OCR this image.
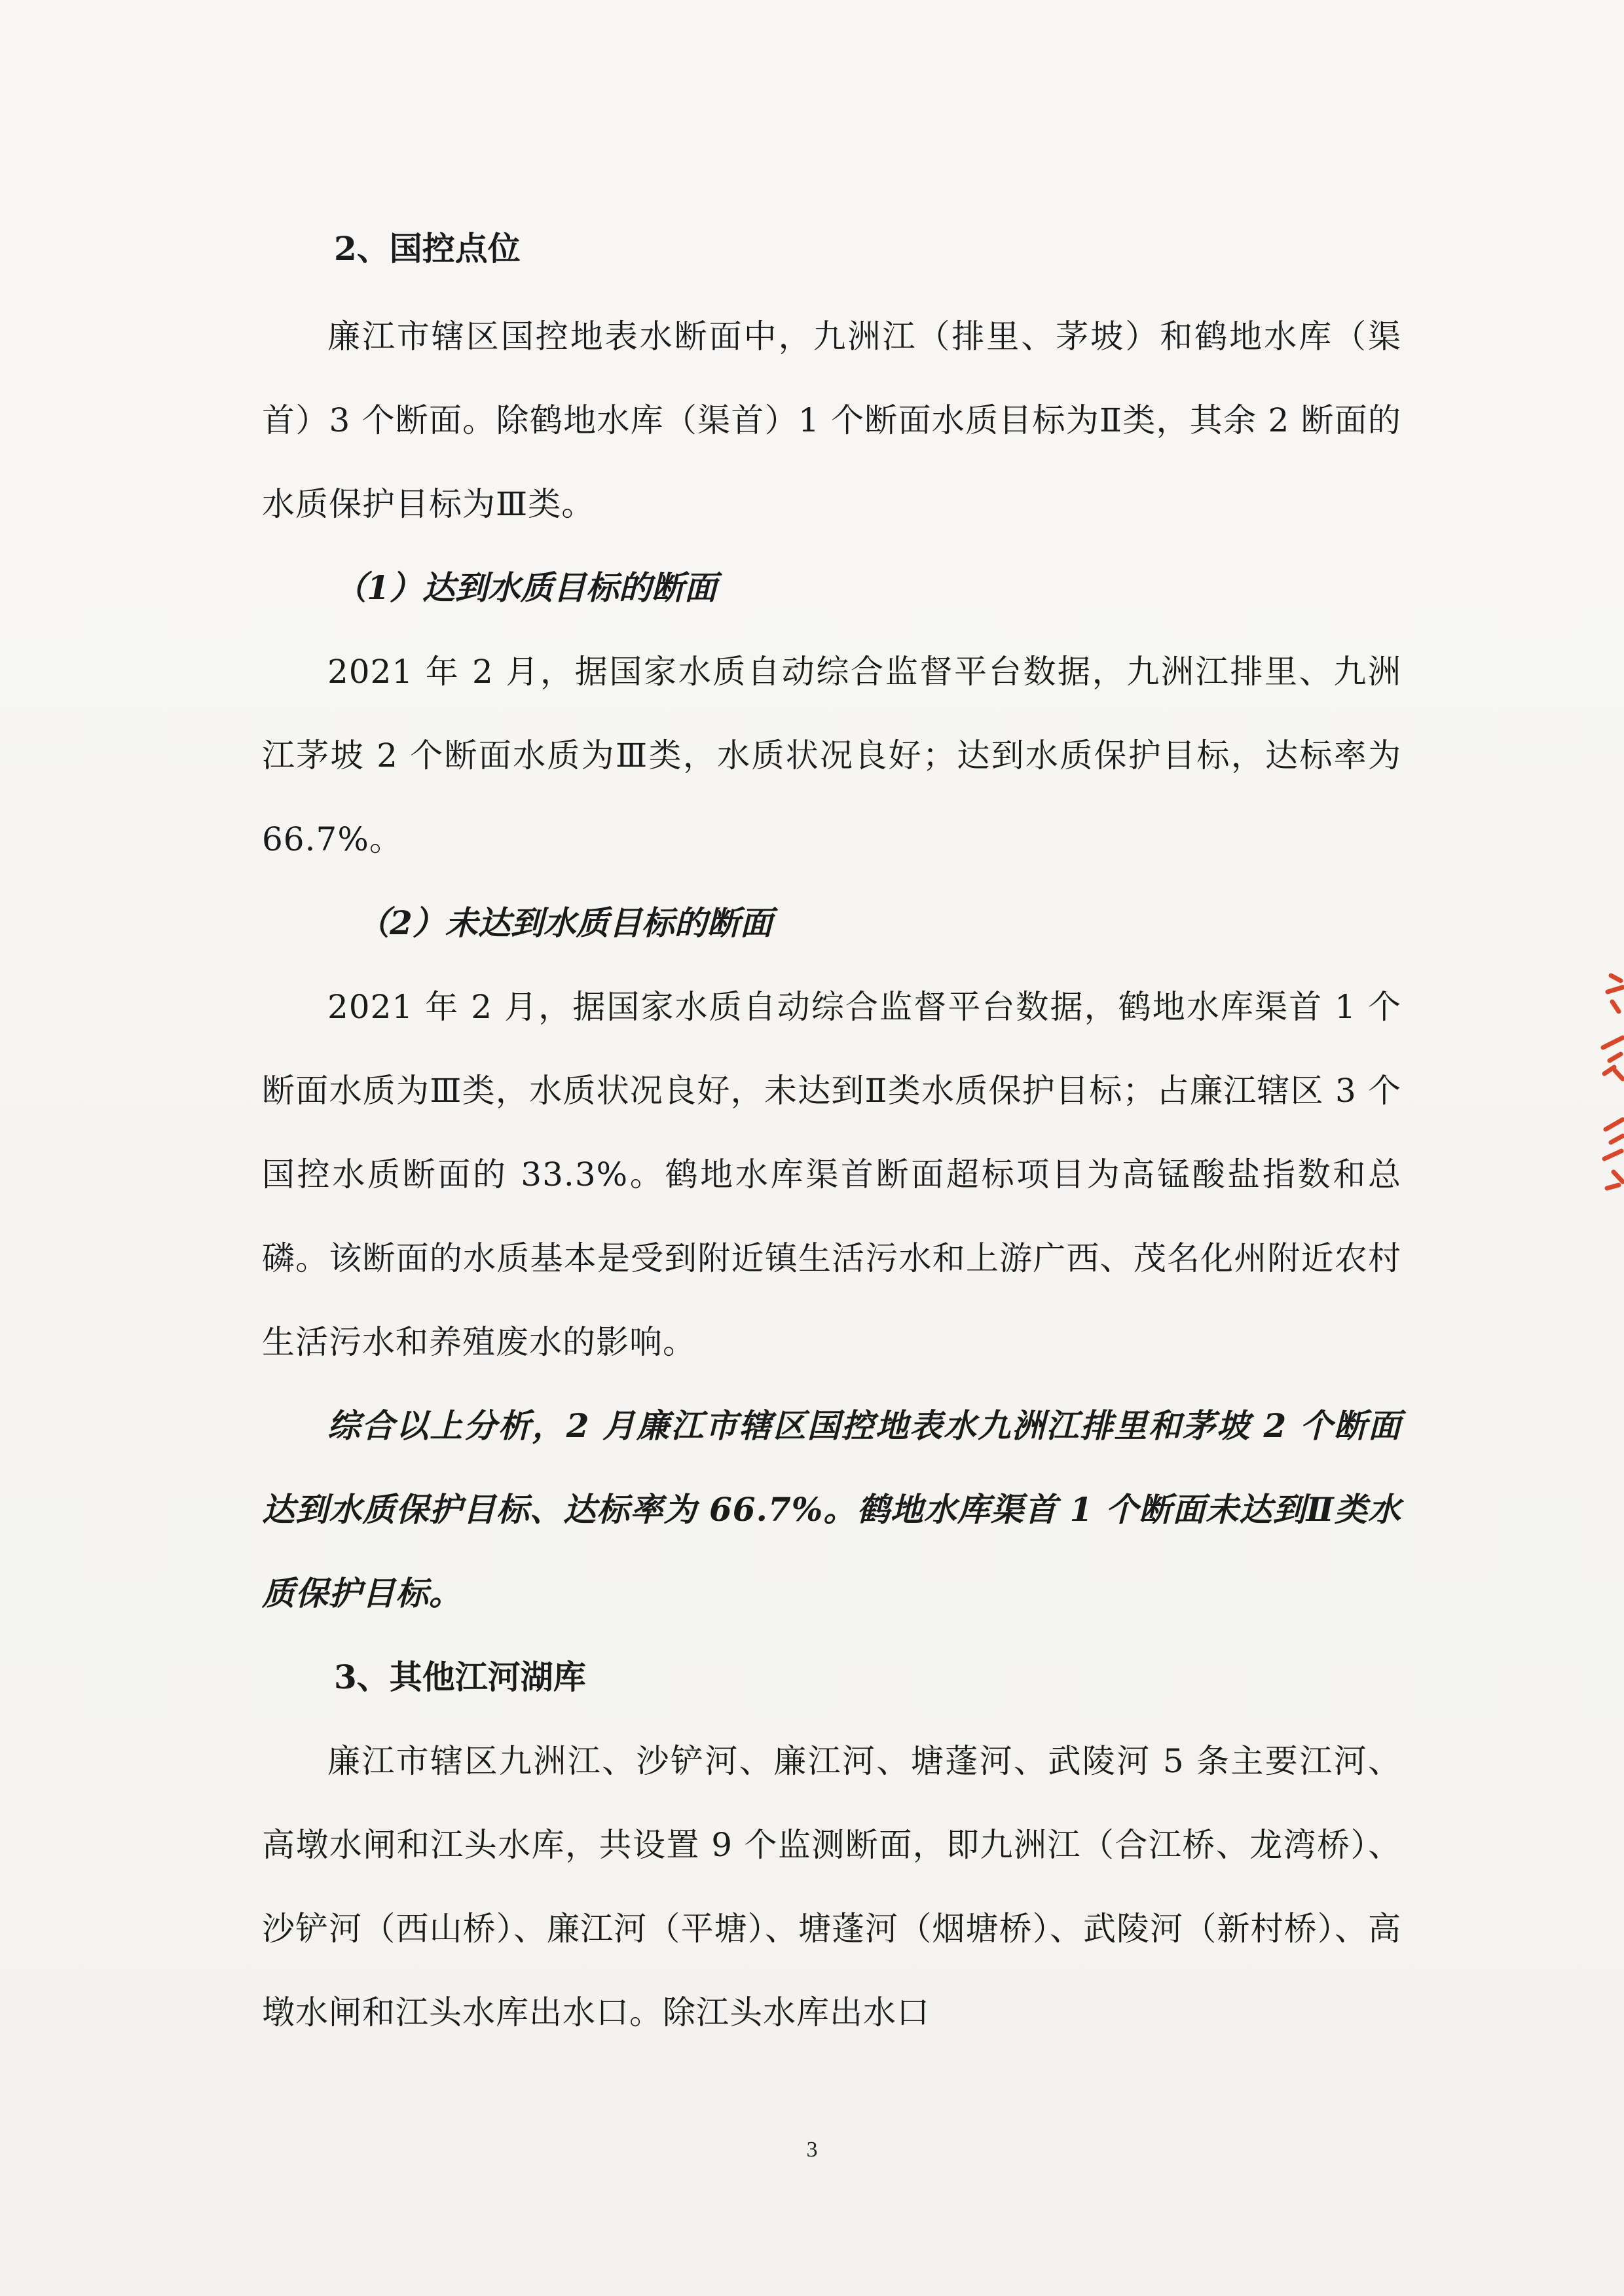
2、国控点位

廉江市辖区国控地表水断面中，九洲江（排里、茅坡）和鹤地水库（渠首）3 个断面。除鹤地水库（渠首）1 个断面水质目标为Ⅱ类，其余 2 断面的水质保护目标为Ⅲ类。

（1）达到水质目标的断面

2021 年 2 月，据国家水质自动综合监督平台数据，九洲江排里、九洲江茅坡 2 个断面水质为Ⅲ类，水质状况良好；达到水质保护目标，达标率为 66.7%。

（2）未达到水质目标的断面

2021 年 2 月，据国家水质自动综合监督平台数据，鹤地水库渠首 1 个断面水质为Ⅲ类，水质状况良好，未达到Ⅱ类水质保护目标；占廉江辖区 3 个国控水质断面的 33.3%。鹤地水库渠首断面超标项目为高锰酸盐指数和总磷。该断面的水质基本是受到附近镇生活污水和上游广西、茂名化州附近农村生活污水和养殖废水的影响。

综合以上分析，2 月廉江市辖区国控地表水九洲江排里和茅坡 2 个断面达到水质保护目标、达标率为 66.7%。鹤地水库渠首 1 个断面未达到Ⅱ类水质保护目标。

3、其他江河湖库

廉江市辖区九洲江、沙铲河、廉江河、塘蓬河、武陵河 5 条主要江河、高墩水闸和江头水库，共设置 9 个监测断面，即九洲江（合江桥、龙湾桥）、沙铲河（西山桥）、廉江河（平塘）、塘蓬河（烟塘桥）、武陵河（新村桥）、高墩水闸和江头水库出水口。除江头水库出水口

3
